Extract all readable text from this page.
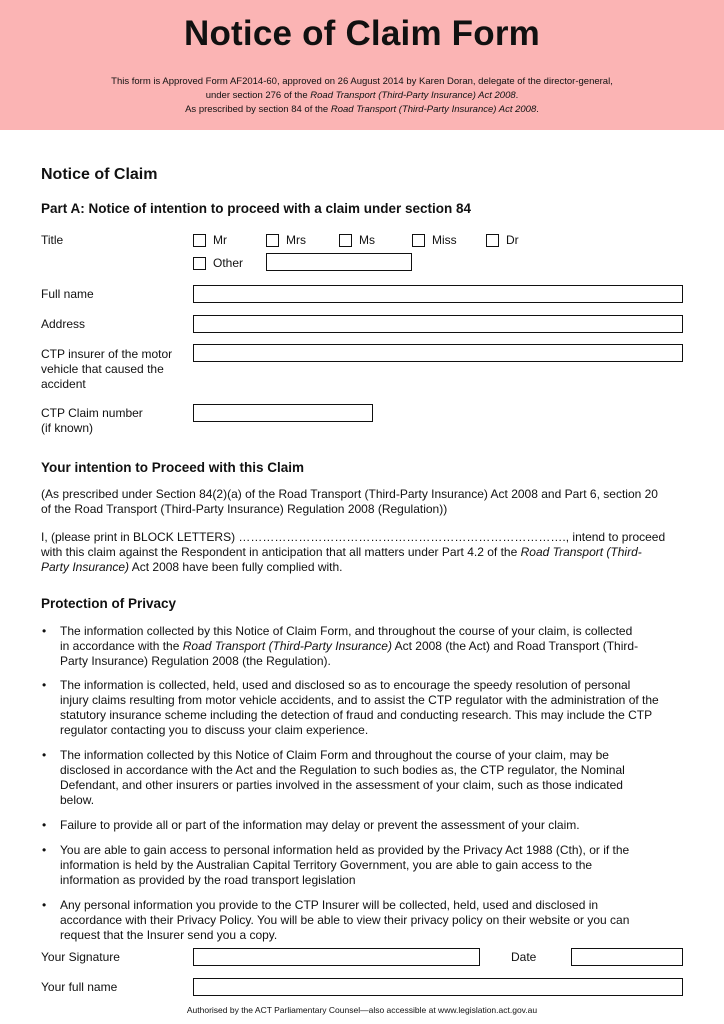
Notice of Claim Form
This form is Approved Form AF2014-60, approved on 26 August 2014 by Karen Doran, delegate of the director-general,
under section 276 of the Road Transport (Third-Party Insurance) Act 2008.
As prescribed by section 84 of the Road Transport (Third-Party Insurance) Act 2008.
Notice of Claim
Part A: Notice of intention to proceed with a claim under section 84
Title	Mr	Mrs	Ms	Miss	Dr
Other
Full name
Address
CTP insurer of the motor
vehicle that caused the
accident
CTP Claim number
(if known)
Your intention to Proceed with this Claim
(As prescribed under Section 84(2)(a) of the Road Transport (Third-Party Insurance) Act 2008 and Part 6, section 20
of the Road Transport (Third-Party Insurance) Regulation 2008 (Regulation))
I, (please print in BLOCK LETTERS) ………………………………………………………………………., intend to proceed
with this claim against the Respondent in anticipation that all matters under Part 4.2 of the Road Transport (Third-
Party Insurance) Act 2008 have been fully complied with.
Protection of Privacy
• The information collected by this Notice of Claim Form, and throughout the course of your claim, is collected
in accordance with the Road Transport (Third-Party Insurance) Act 2008 (the Act) and Road Transport (Third-
Party Insurance) Regulation 2008 (the Regulation).
• The information is collected, held, used and disclosed so as to encourage the speedy resolution of personal
injury claims resulting from motor vehicle accidents, and to assist the CTP regulator with the administration of the
statutory insurance scheme including the detection of fraud and conducting research. This may include the CTP
regulator contacting you to discuss your claim experience.
• The information collected by this Notice of Claim Form and throughout the course of your claim, may be
disclosed in accordance with the Act and the Regulation to such bodies as, the CTP regulator, the Nominal
Defendant, and other insurers or parties involved in the assessment of your claim, such as those indicated
below.
• Failure to provide all or part of the information may delay or prevent the assessment of your claim.
• You are able to gain access to personal information held as provided by the Privacy Act 1988 (Cth), or if the
information is held by the Australian Capital Territory Government, you are able to gain access to the
information as provided by the road transport legislation
• Any personal information you provide to the CTP Insurer will be collected, held, used and disclosed in
accordance with their Privacy Policy. You will be able to view their privacy policy on their website or you can
request that the Insurer send you a copy.
Your Signature	Date
Your full name
Authorised by the ACT Parliamentary Counsel—also accessible at www.legislation.act.gov.au
